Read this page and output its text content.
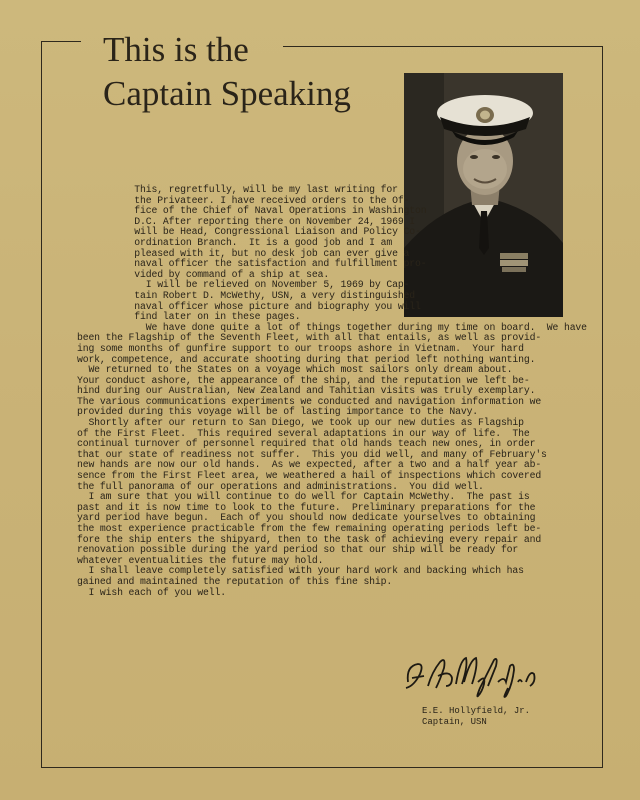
This is the
Captain Speaking
This, regretfully, will be my last writing for
the Privateer. I have received orders to the Of-
fice of the Chief of Naval Operations in Washington
D.C. After reporting there on November 24, 1969 I
will be Head, Congressional Liaison and Policy Co-
ordination Branch.  It is a good job and I am
pleased with it, but no desk job can ever give a
naval officer the satisfaction and fulfillment pro-
vided by command of a ship at sea.
I will be relieved on November 5, 1969 by Cap-
tain Robert D. McWethy, USN, a very distinguished
naval officer whose picture and biography you will
find later on in these pages.
We have done quite a lot of things together during my time on board.  We have
been the Flagship of the Seventh Fleet, with all that entails, as well as provid-
ing some months of gunfire support to our troops ashore in Vietnam.  Your hard
work, competence, and accurate shooting during that period left nothing wanting.
We returned to the States on a voyage which most sailors only dream about.
Your conduct ashore, the appearance of the ship, and the reputation we left be-
hind during our Australian, New Zealand and Tahitian visits was truly exemplary.
The various communications experiments we conducted and navigation information we
provided during this voyage will be of lasting importance to the Navy.
Shortly after our return to San Diego, we took up our new duties as Flagship
of the First Fleet.  This required several adaptations in our way of life.  The
continual turnover of personnel required that old hands teach new ones, in order
that our state of readiness not suffer.  This you did well, and many of February's
new hands are now our old hands.  As we expected, after a two and a half year ab-
sence from the First Fleet area, we weathered a hail of inspections which covered
the full panorama of our operations and administrations.  You did well.
I am sure that you will continue to do well for Captain McWethy.  The past is
past and it is now time to look to the future.  Preliminary preparations for the
yard period have begun.  Each of you should now dedicate yourselves to obtaining
the most experience practicable from the few remaining operating periods left be-
fore the ship enters the shipyard, then to the task of achieving every repair and
renovation possible during the yard period so that our ship will be ready for
whatever eventualities the future may hold.
I shall leave completely satisfied with your hard work and backing which has
gained and maintained the reputation of this fine ship.
I wish each of you well.
E.E. Hollyfield, Jr.
Captain, USN
